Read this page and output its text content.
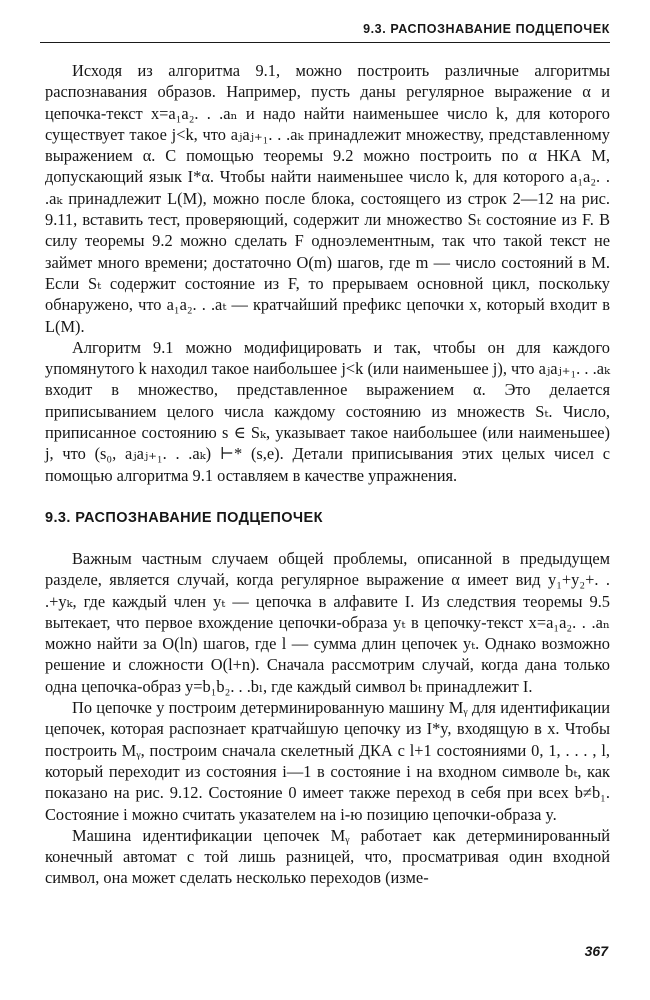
9.3. РАСПОЗНАВАНИЕ ПОДЦЕПОЧЕК

Исходя из алгоритма 9.1, можно построить различные алгоритмы распознавания образов. Например, пусть даны регулярное выражение α и цепочка-текст x=a₁a₂. . .aₙ и надо найти наименьшее число k, для которого существует такое j<k, что aⱼaⱼ₊₁. . .aₖ принадлежит множеству, представленному выражением α. С помощью теоремы 9.2 можно построить по α НКА M, допускающий язык I*α. Чтобы найти наименьшее число k, для которого a₁a₂. . .aₖ принадлежит L(M), можно после блока, состоящего из строк 2—12 на рис. 9.11, вставить тест, проверяющий, содержит ли множество Sₜ состояние из F. В силу теоремы 9.2 можно сделать F одноэлементным, так что такой текст не займет много времени; достаточно O(m) шагов, где m — число состояний в M. Если Sₜ содержит состояние из F, то прерываем основной цикл, поскольку обнаружено, что a₁a₂. . .aₜ — кратчайший префикс цепочки x, который входит в L(M).

Алгоритм 9.1 можно модифицировать и так, чтобы он для каждого упомянутого k находил такое наибольшее j<k (или наименьшее j), что aⱼaⱼ₊₁. . .aₖ входит в множество, представленное выражением α. Это делается приписыванием целого числа каждому состоянию из множеств Sₜ. Число, приписанное состоянию s ∈ Sₖ, указывает такое наибольшее (или наименьшее) j, что (s₀, aⱼaⱼ₊₁. . .aₖ) ⊢* (s,e). Детали приписывания этих целых чисел с помощью алгоритма 9.1 оставляем в качестве упражнения.

9.3. РАСПОЗНАВАНИЕ ПОДЦЕПОЧЕК

Важным частным случаем общей проблемы, описанной в предыдущем разделе, является случай, когда регулярное выражение α имеет вид y₁+y₂+. . .+yₖ, где каждый член yₜ — цепочка в алфавите I. Из следствия теоремы 9.5 вытекает, что первое вхождение цепочки-образа yₜ в цепочку-текст x=a₁a₂. . .aₙ можно найти за O(ln) шагов, где l — сумма длин цепочек yₜ. Однако возможно решение и сложности O(l+n). Сначала рассмотрим случай, когда дана только одна цепочка-образ y=b₁b₂. . .bₗ, где каждый символ bₜ принадлежит I.

По цепочке y построим детерминированную машину Mᵧ для идентификации цепочек, которая распознает кратчайшую цепочку из I*y, входящую в x. Чтобы построить Mᵧ, построим сначала скелетный ДКА с l+1 состояниями 0, 1, . . . , l, который переходит из состояния i—1 в состояние i на входном символе bₜ, как показано на рис. 9.12. Состояние 0 имеет также переход в себя при всех b≠b₁. Состояние i можно считать указателем на i-ю позицию цепочки-образа y.

Машина идентификации цепочек Mᵧ работает как детерминированный конечный автомат с той лишь разницей, что, просматривая один входной символ, она может сделать несколько переходов (изме-

367
